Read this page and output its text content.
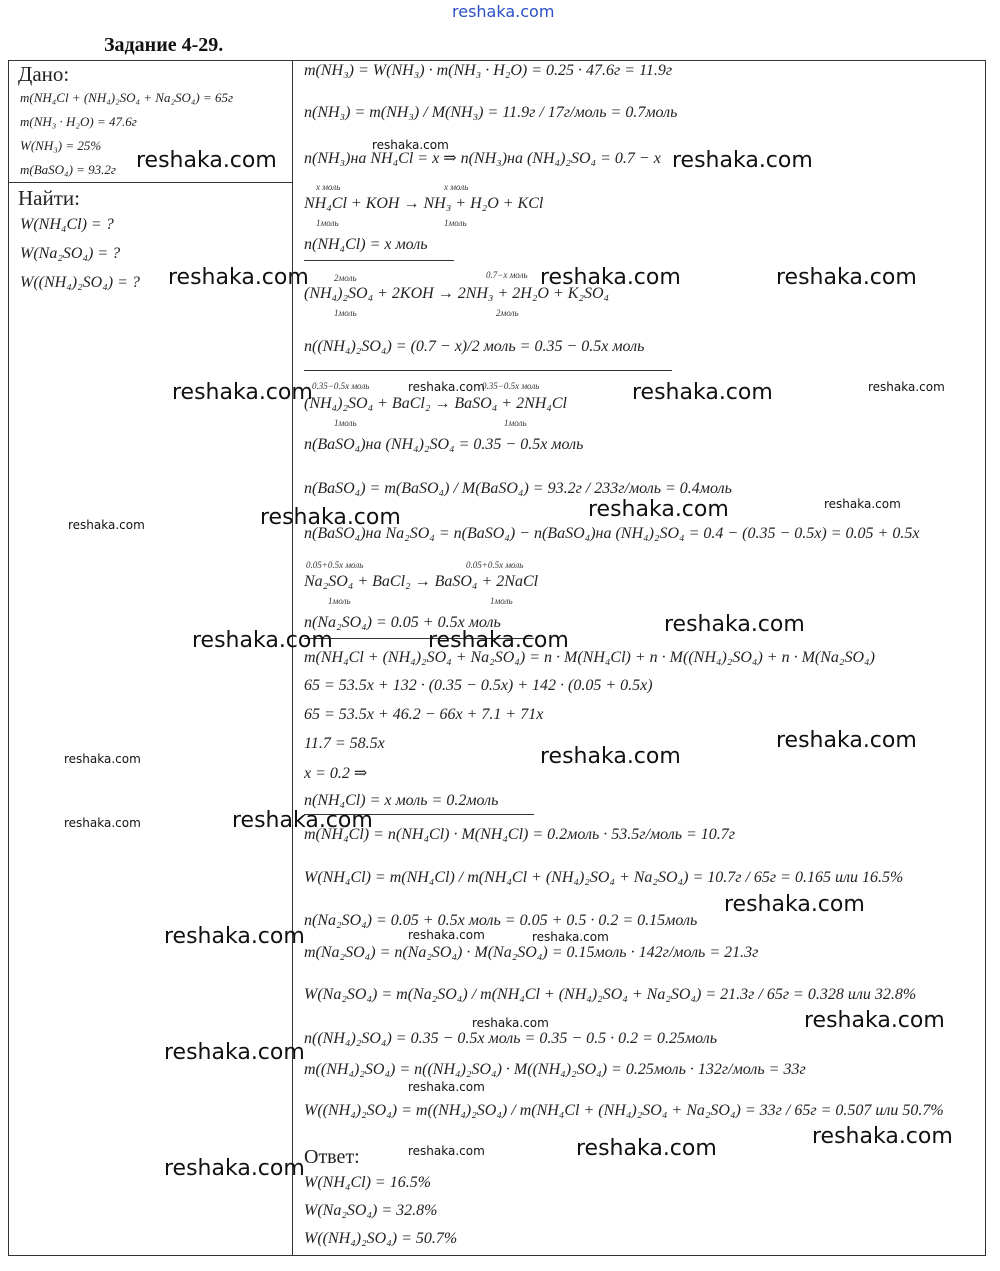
reshaka.com
Задание 4-29.
Дано:
m(NH₄Cl + (NH₄)₂SO₄ + Na₂SO₄) = 65г
m(NH₃ · H₂O) = 47.6г
W(NH₃) = 25%
m(BaSO₄) = 93.2г
Найти:
W(NH₄Cl) = ?
W(Na₂SO₄) = ?
W((NH₄)₂SO₄) = ?
m(NH₃) = W(NH₃) · m(NH₃ · H₂O) = 0.25 · 47.6г = 11.9г
n(NH₃) = m(NH₃) / M(NH₃) = 11.9г / 17г/моль = 0.7моль
n(NH₃)на NH₄Cl = x ⇒ n(NH₃)на (NH₄)₂SO₄ = 0.7 − x
x моль	x моль
NH₄Cl + KOH → NH₃ + H₂O + KCl
1моль	1моль
n(NH₄Cl) = x моль
2моль	0.7−x моль
(NH₄)₂SO₄ + 2KOH → 2NH₃ + 2H₂O + K₂SO₄
1моль	2моль
n((NH₄)₂SO₄) = (0.7 − x)/2 моль = 0.35 − 0.5x моль
0.35−0.5x моль	0.35−0.5x моль
(NH₄)₂SO₄ + BaCl₂ → BaSO₄ + 2NH₄Cl
1моль	1моль
n(BaSO₄)на (NH₄)₂SO₄ = 0.35 − 0.5x моль
n(BaSO₄) = m(BaSO₄) / M(BaSO₄) = 93.2г / 233г/моль = 0.4моль
n(BaSO₄)на Na₂SO₄ = n(BaSO₄) − n(BaSO₄)на (NH₄)₂SO₄ = 0.4 − (0.35 − 0.5x) = 0.05 + 0.5x
0.05+0.5x моль	0.05+0.5x моль
Na₂SO₄ + BaCl₂ → BaSO₄ + 2NaCl
1моль	1моль
n(Na₂SO₄) = 0.05 + 0.5x моль
m(NH₄Cl + (NH₄)₂SO₄ + Na₂SO₄) = n · M(NH₄Cl) + n · M((NH₄)₂SO₄) + n · M(Na₂SO₄)
65 = 53.5x + 132 · (0.35 − 0.5x) + 142 · (0.05 + 0.5x)
65 = 53.5x + 46.2 − 66x + 7.1 + 71x
11.7 = 58.5x
x = 0.2 ⇒
n(NH₄Cl) = x моль = 0.2моль
m(NH₄Cl) = n(NH₄Cl) · M(NH₄Cl) = 0.2моль · 53.5г/моль = 10.7г
W(NH₄Cl) = m(NH₄Cl) / m(NH₄Cl + (NH₄)₂SO₄ + Na₂SO₄) = 10.7г / 65г = 0.165 или 16.5%
n(Na₂SO₄) = 0.05 + 0.5x моль = 0.05 + 0.5 · 0.2 = 0.15моль
m(Na₂SO₄) = n(Na₂SO₄) · M(Na₂SO₄) = 0.15моль · 142г/моль = 21.3г
W(Na₂SO₄) = m(Na₂SO₄) / m(NH₄Cl + (NH₄)₂SO₄ + Na₂SO₄) = 21.3г / 65г = 0.328 или 32.8%
n((NH₄)₂SO₄) = 0.35 − 0.5x моль = 0.35 − 0.5 · 0.2 = 0.25моль
m((NH₄)₂SO₄) = n((NH₄)₂SO₄) · M((NH₄)₂SO₄) = 0.25моль · 132г/моль = 33г
W((NH₄)₂SO₄) = m((NH₄)₂SO₄) / m(NH₄Cl + (NH₄)₂SO₄ + Na₂SO₄) = 33г / 65г = 0.507 или 50.7%
Ответ:
W(NH₄Cl) = 16.5%
W(Na₂SO₄) = 32.8%
W((NH₄)₂SO₄) = 50.7%
reshaka.com
reshaka.com
reshaka.com
reshaka.com	reshaka.com	reshaka.com
reshaka.com	reshaka.com	reshaka.com	reshaka.com
reshaka.com	reshaka.com	reshaka.com	reshaka.com
reshaka.com	reshaka.com
reshaka.com
reshaka.com	reshaka.com
reshaka.com
reshaka.com	reshaka.com
reshaka.com
reshaka.com	reshaka.com	reshaka.com
reshaka.com
reshaka.com
reshaka.com
reshaka.com
reshaka.com
reshaka.com	reshaka.com
reshaka.com
